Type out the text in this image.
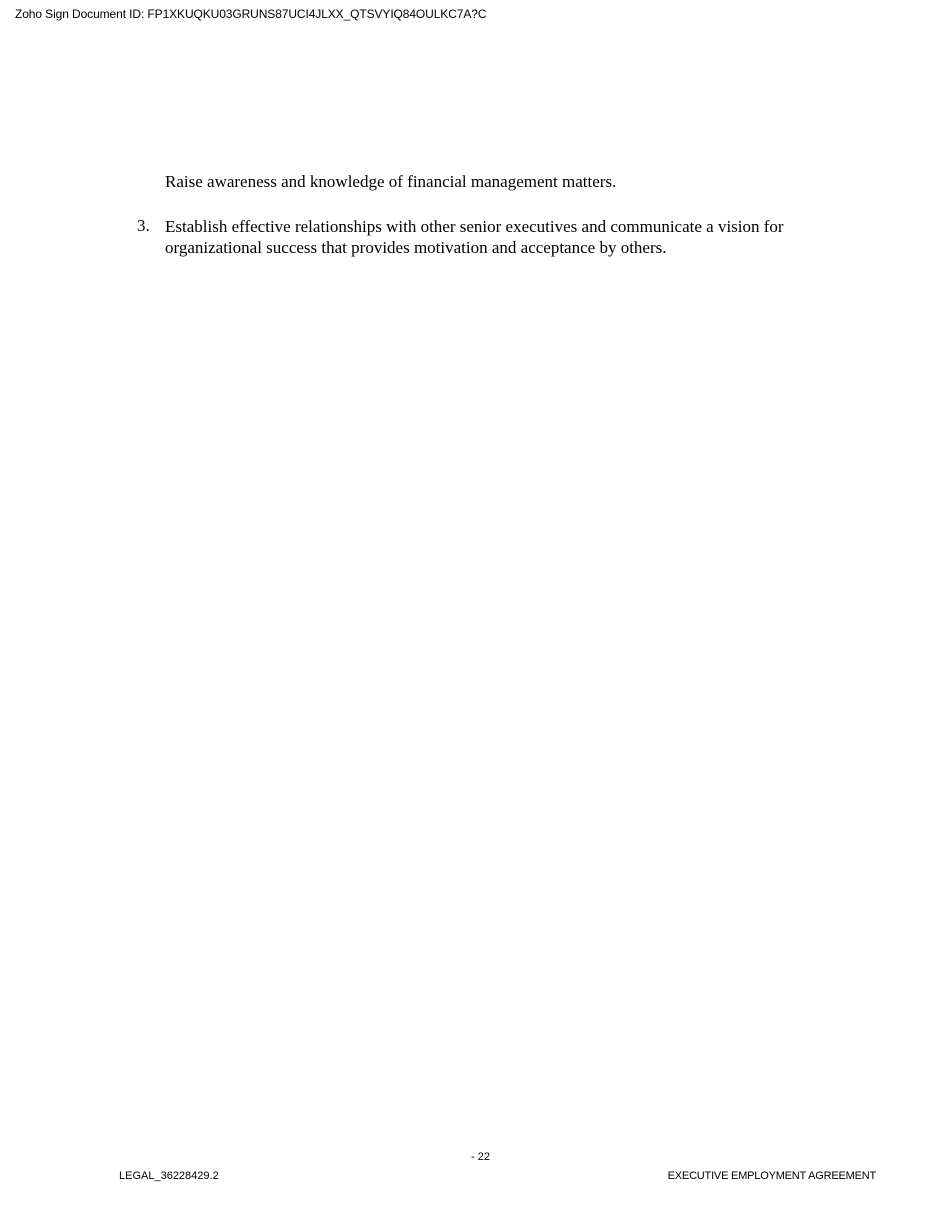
Zoho Sign Document ID: FP1XKUQKU03GRUNS87UCI4JLXX_QTSVYIQ84OULKC7A?C
Raise awareness and knowledge of financial management matters.
3. Establish effective relationships with other senior executives and communicate a vision for organizational success that provides motivation and acceptance by others.
- 22
LEGAL_36228429.2	EXECUTIVE EMPLOYMENT AGREEMENT
